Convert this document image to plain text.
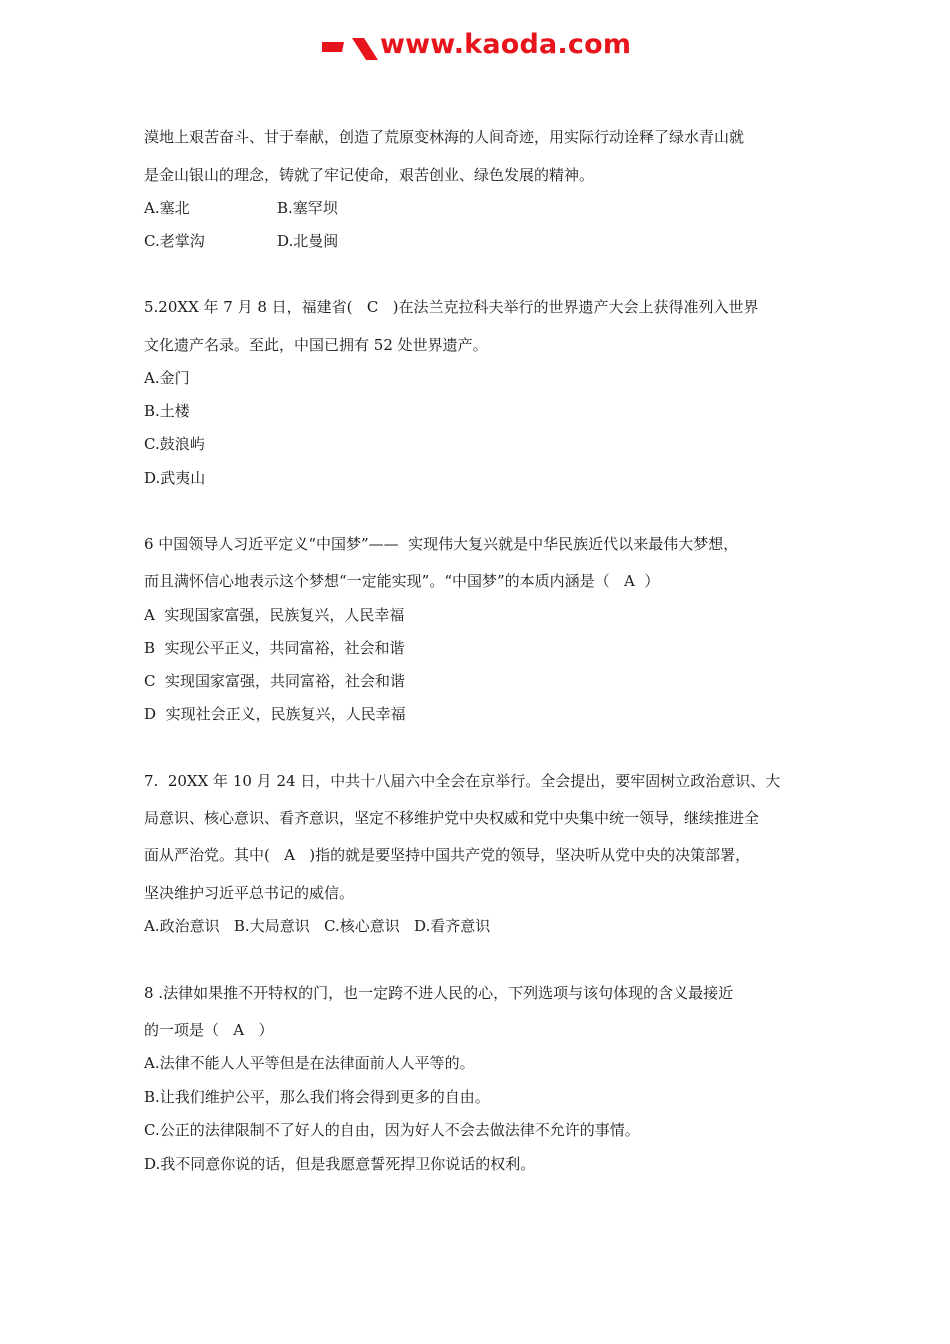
www.kaoda.com
漠地上艰苦奋斗、甘于奉献，创造了荒原变林海的人间奇迹，用实际行动诠释了绿水青山就
是金山银山的理念，铸就了牢记使命，艰苦创业、绿色发展的精神。
A.塞北	B.塞罕坝
C.老掌沟	D.北曼闽
5.20XX 年 7 月 8 日，福建省(   C   )在法兰克拉科夫举行的世界遗产大会上获得准列入世界
文化遗产名录。至此，中国已拥有 52 处世界遗产。
A.金门
B.土楼
C.鼓浪屿
D.武夷山
6 中国领导人习近平定义“中国梦”——  实现伟大复兴就是中华民族近代以来最伟大梦想，
而且满怀信心地表示这个梦想“一定能实现”。“中国梦”的本质内涵是（   A  ）
A  实现国家富强，民族复兴，人民幸福
B  实现公平正义，共同富裕，社会和谐
C  实现国家富强，共同富裕，社会和谐
D  实现社会正义，民族复兴，人民幸福
7.  20XX 年 10 月 24 日，中共十八届六中全会在京举行。全会提出，要牢固树立政治意识、大
局意识、核心意识、看齐意识，坚定不移维护党中央权威和党中央集中统一领导，继续推进全
面从严治党。其中(   A   )指的就是要坚持中国共产党的领导，坚决听从党中央的决策部署，
坚决维护习近平总书记的威信。
A.政治意识   B.大局意识   C.核心意识   D.看齐意识
8 .法律如果推不开特权的门，也一定跨不进人民的心，下列选项与该句体现的含义最接近
的一项是（   A   ）
A.法律不能人人平等但是在法律面前人人平等的。
B.让我们维护公平，那么我们将会得到更多的自由。
C.公正的法律限制不了好人的自由，因为好人不会去做法律不允许的事情。
D.我不同意你说的话，但是我愿意誓死捍卫你说话的权利。
